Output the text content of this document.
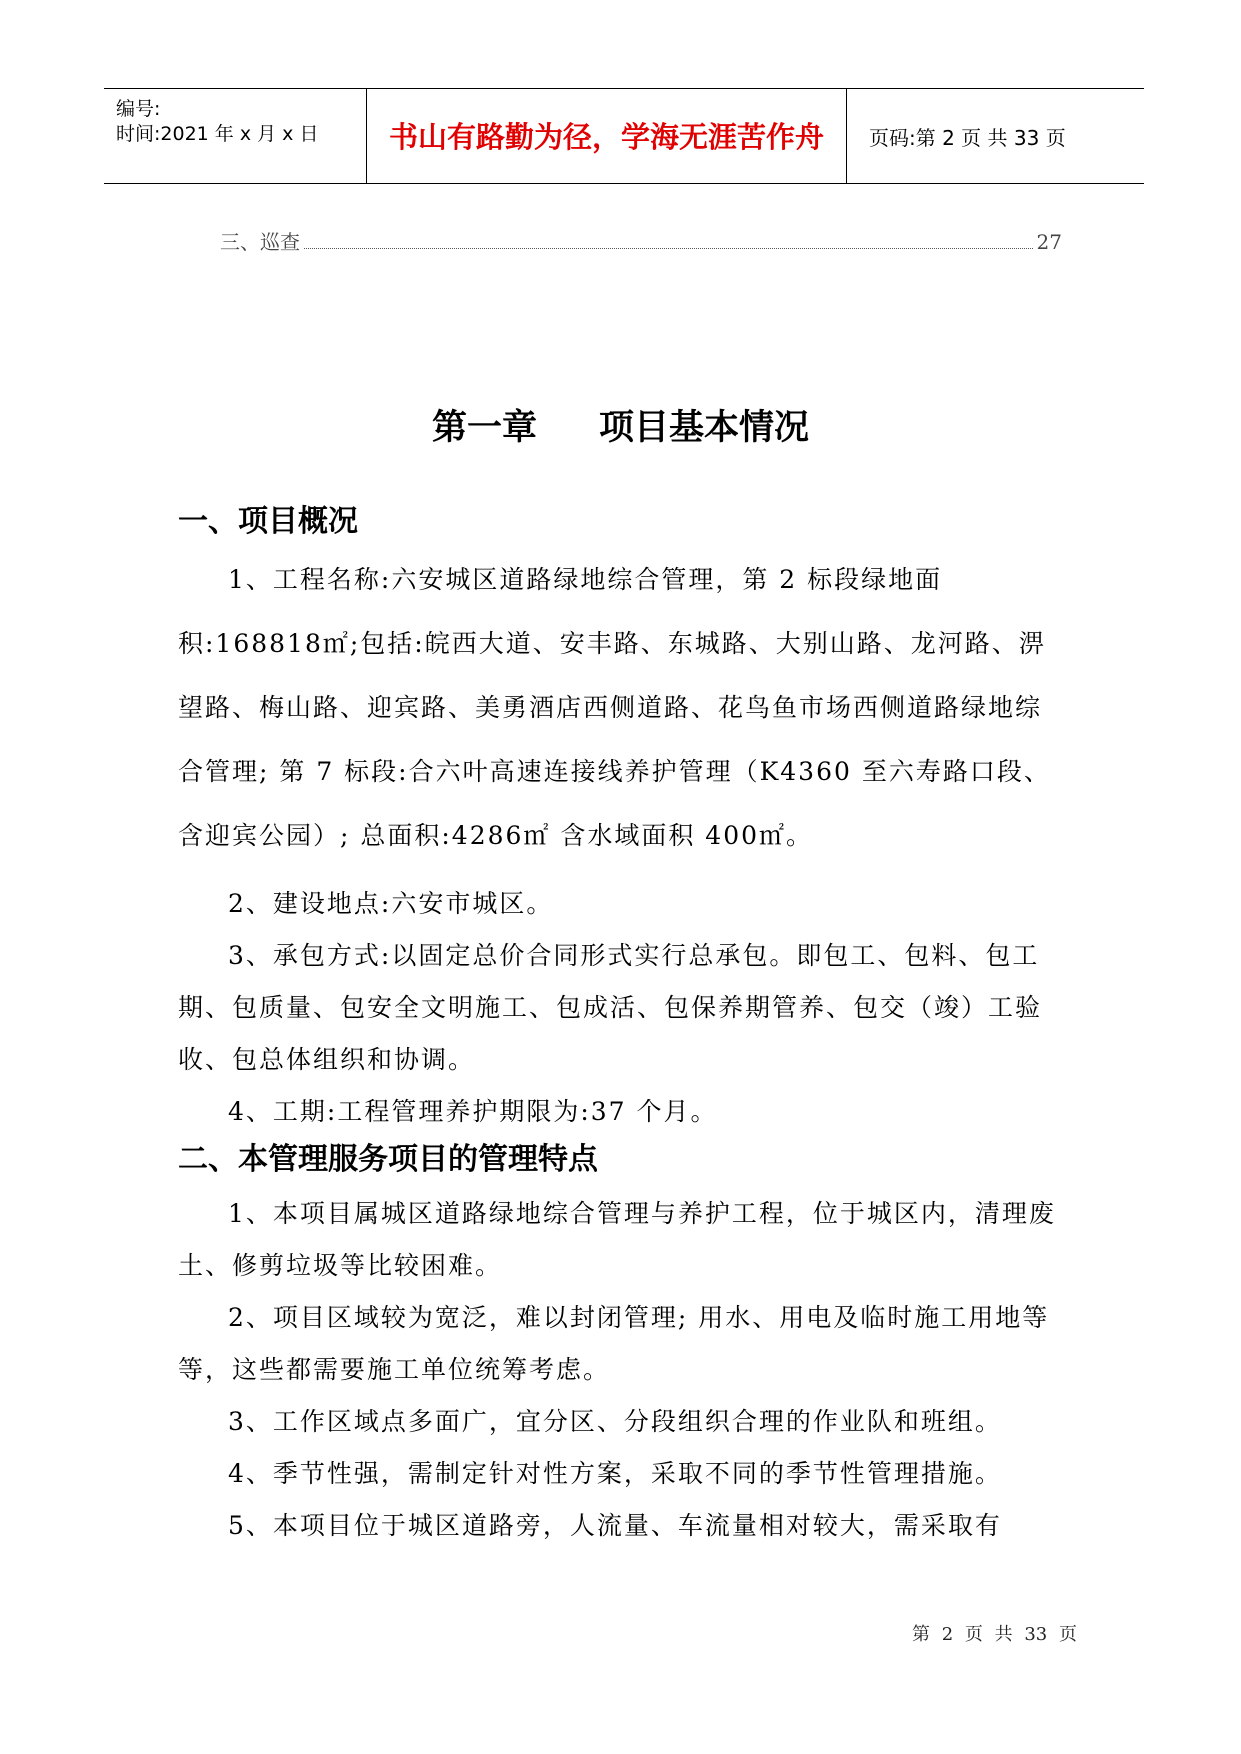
编号:
时间:2021 年 x 月 x 日	书山有路勤为径，学海无涯苦作舟	页码:第 2 页 共 33 页
三、巡查	27
第一章 项目基本情况
一、项目概况

1、工程名称:六安城区道路绿地综合管理，第 2 标段绿地面积:168818㎡;包括:皖西大道、安丰路、东城路、大别山路、龙河路、淠望路、梅山路、迎宾路、美勇酒店西侧道路、花鸟鱼市场西侧道路绿地综合管理; 第 7 标段:合六叶高速连接线养护管理（K4360 至六寿路口段、含迎宾公园）; 总面积:4286㎡ 含水域面积 400㎡。

2、建设地点:六安市城区。

3、承包方式:以固定总价合同形式实行总承包。即包工、包料、包工期、包质量、包安全文明施工、包成活、包保养期管养、包交（竣）工验收、包总体组织和协调。

4、工期:工程管理养护期限为:37 个月。

二、本管理服务项目的管理特点

1、本项目属城区道路绿地综合管理与养护工程，位于城区内，清理废土、修剪垃圾等比较困难。

2、项目区域较为宽泛，难以封闭管理; 用水、用电及临时施工用地等等，这些都需要施工单位统筹考虑。

3、工作区域点多面广，宜分区、分段组织合理的作业队和班组。

4、季节性强，需制定针对性方案，采取不同的季节性管理措施。

5、本项目位于城区道路旁，人流量、车流量相对较大，需采取有

第 2 页 共 33 页
